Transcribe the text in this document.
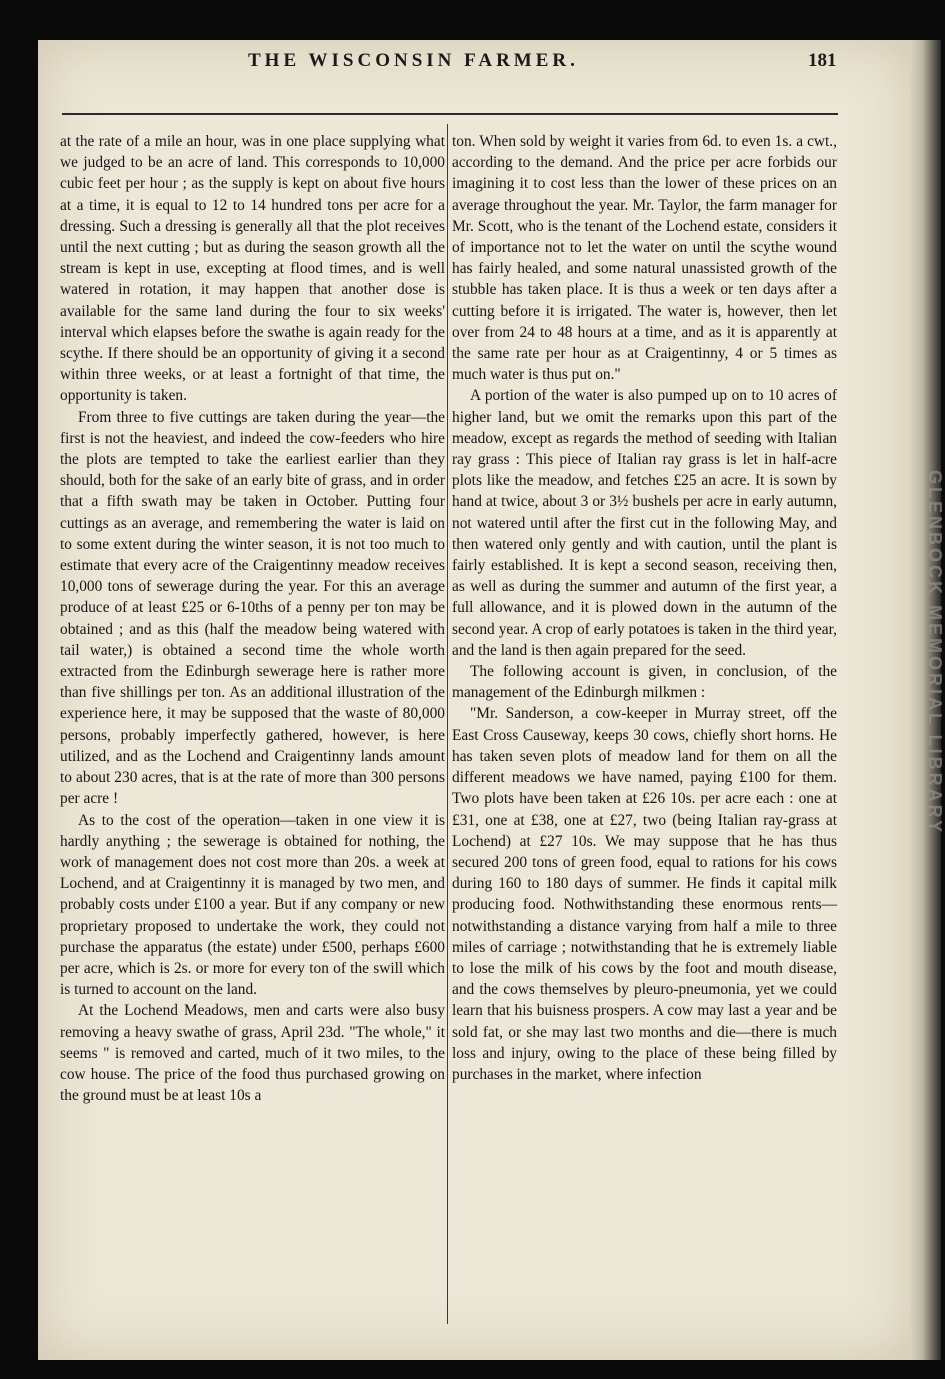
GLENBOCK MEMORIAL LIBRARY
THE WISCONSIN FARMER.	181

at the rate of a mile an hour, was in one place supplying what we judged to be an acre of land. This corresponds to 10,000 cubic feet per hour ; as the supply is kept on about five hours at a time, it is equal to 12 to 14 hundred tons per acre for a dressing. Such a dressing is generally all that the plot receives until the next cutting ; but as during the season growth all the stream is kept in use, excepting at flood times, and is well watered in rotation, it may happen that another dose is available for the same land during the four to six weeks' interval which elapses before the swathe is again ready for the scythe. If there should be an opportunity of giving it a second within three weeks, or at least a fortnight of that time, the opportunity is taken.

From three to five cuttings are taken during the year—the first is not the heaviest, and indeed the cow-feeders who hire the plots are tempted to take the earliest earlier than they should, both for the sake of an early bite of grass, and in order that a fifth swath may be taken in October. Putting four cuttings as an average, and remembering the water is laid on to some extent during the winter season, it is not too much to estimate that every acre of the Craigentinny meadow receives 10,000 tons of sewerage during the year. For this an average produce of at least £25 or 6-10ths of a penny per ton may be obtained ; and as this (half the meadow being watered with tail water,) is obtained a second time the whole worth extracted from the Edinburgh sewerage here is rather more than five shillings per ton. As an additional illustration of the experience here, it may be supposed that the waste of 80,000 persons, probably imperfectly gathered, however, is here utilized, and as the Lochend and Craigentinny lands amount to about 230 acres, that is at the rate of more than 300 persons per acre !

As to the cost of the operation—taken in one view it is hardly anything ; the sewerage is obtained for nothing, the work of management does not cost more than 20s. a week at Lochend, and at Craigentinny it is managed by two men, and probably costs under £100 a year. But if any company or new proprietary proposed to undertake the work, they could not purchase the apparatus (the estate) under £500, perhaps £600 per acre, which is 2s. or more for every ton of the swill which is turned to account on the land.

At the Lochend Meadows, men and carts were also busy removing a heavy swathe of grass, April 23d. "The whole," it seems " is removed and carted, much of it two miles, to the cow house. The price of the food thus purchased growing on the ground must be at least 10s a

ton. When sold by weight it varies from 6d. to even 1s. a cwt., according to the demand. And the price per acre forbids our imagining it to cost less than the lower of these prices on an average throughout the year. Mr. Taylor, the farm manager for Mr. Scott, who is the tenant of the Lochend estate, considers it of importance not to let the water on until the scythe wound has fairly healed, and some natural unassisted growth of the stubble has taken place. It is thus a week or ten days after a cutting before it is irrigated. The water is, however, then let over from 24 to 48 hours at a time, and as it is apparently at the same rate per hour as at Craigentinny, 4 or 5 times as much water is thus put on."

A portion of the water is also pumped up on to 10 acres of higher land, but we omit the remarks upon this part of the meadow, except as regards the method of seeding with Italian ray grass : This piece of Italian ray grass is let in half-acre plots like the meadow, and fetches £25 an acre. It is sown by hand at twice, about 3 or 3½ bushels per acre in early autumn, not watered until after the first cut in the following May, and then watered only gently and with caution, until the plant is fairly established. It is kept a second season, receiving then, as well as during the summer and autumn of the first year, a full allowance, and it is plowed down in the autumn of the second year. A crop of early potatoes is taken in the third year, and the land is then again prepared for the seed.

The following account is given, in conclusion, of the management of the Edinburgh milkmen :

"Mr. Sanderson, a cow-keeper in Murray street, off the East Cross Causeway, keeps 30 cows, chiefly short horns. He has taken seven plots of meadow land for them on all the different meadows we have named, paying £100 for them. Two plots have been taken at £26 10s. per acre each : one at £31, one at £38, one at £27, two (being Italian ray-grass at Lochend) at £27 10s. We may suppose that he has thus secured 200 tons of green food, equal to rations for his cows during 160 to 180 days of summer. He finds it capital milk producing food. Nothwithstanding these enormous rents—notwithstanding a distance varying from half a mile to three miles of carriage ; notwithstanding that he is extremely liable to lose the milk of his cows by the foot and mouth disease, and the cows themselves by pleuro-pneumonia, yet we could learn that his buisness prospers. A cow may last a year and be sold fat, or she may last two months and die—there is much loss and injury, owing to the place of these being filled by purchases in the market, where infection
